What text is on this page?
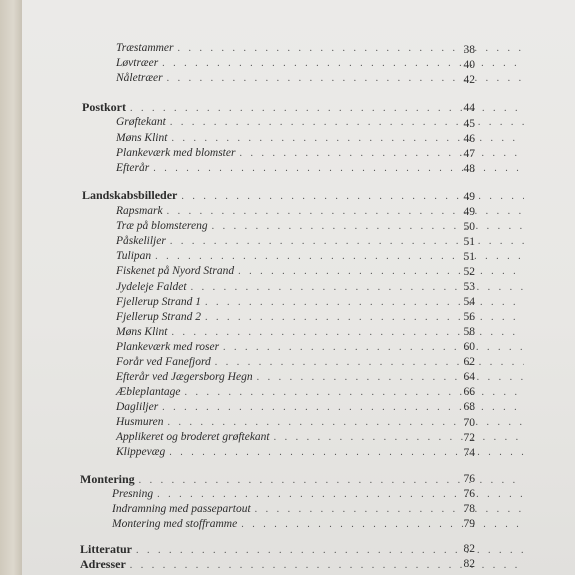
Træstammer . . .	38
Løvtræer . . .	40
Nåletræer . . .	42
Postkort . . .	44
Grøftekant . . .	45
Møns Klint . . .	46
Plankeværk med blomster . . .	47
Efterår . . .	48
Landskabsbilleder . . .	49
Rapsmark . . .	49
Træ på blomstereng . . .	50
Påskeliljer . . .	51
Tulipan . . .	51
Fiskenet på Nyord Strand . . .	52
Jydeleje Faldet . . .	53
Fjellerup Strand 1 . . .	54
Fjellerup Strand 2 . . .	56
Møns Klint . . .	58
Plankeværk med roser . . .	60
Forår ved Fanefjord . . .	62
Efterår ved Jægersborg Hegn . . .	64
Æbleplantage . . .	66
Dagliljer . . .	68
Husmuren . . .	70
Applikeret og broderet grøftekant . . .	72
Klippevæg . . .	74
Montering . . .	76
Presning . . .	76
Indramning med passepartout . . .	78
Montering med stofframme . . .	79
Litteratur . . .	82
Adresser . . .	82
